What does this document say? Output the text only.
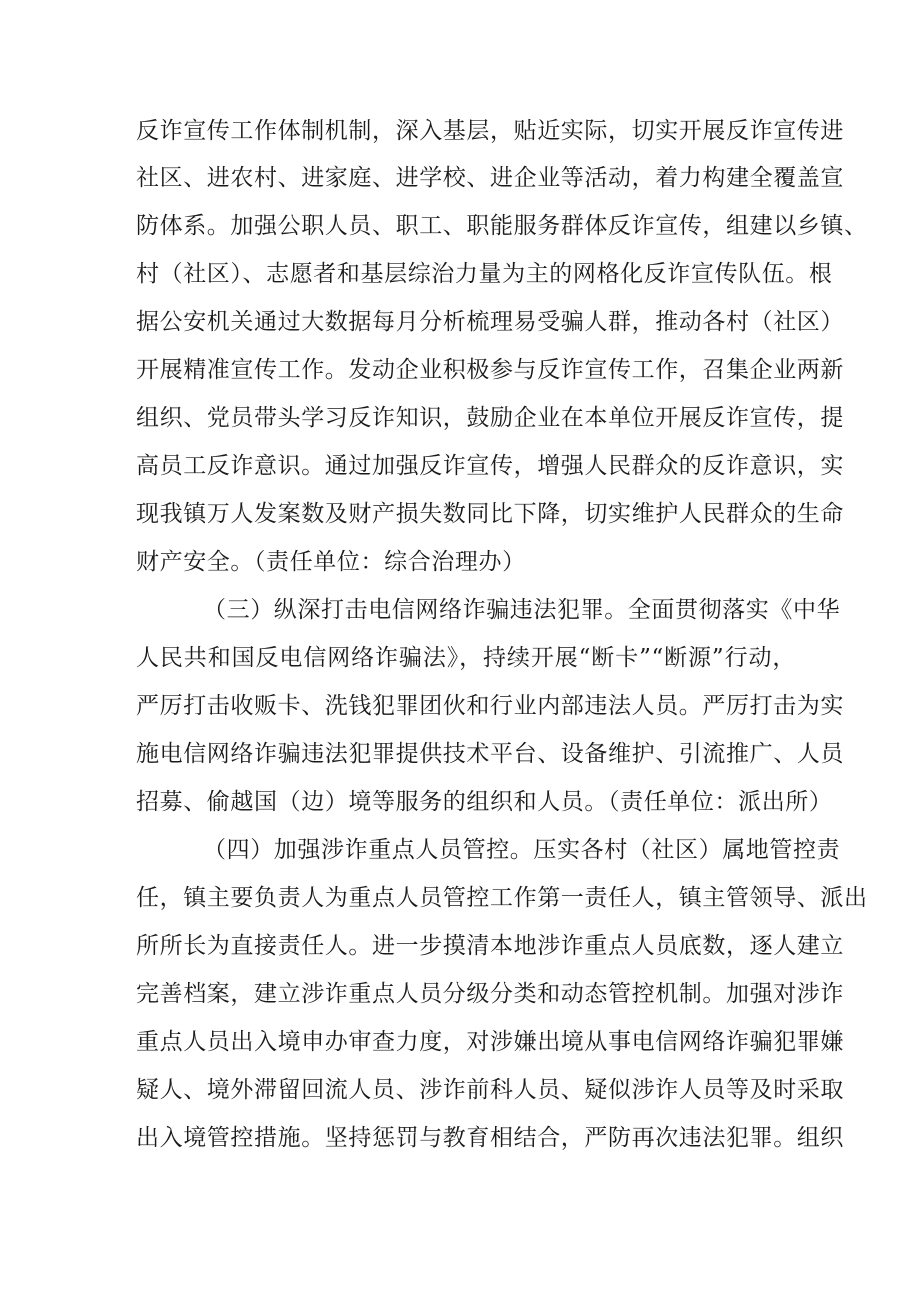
反诈宣传工作体制机制，深入基层，贴近实际，切实开展反诈宣传进
社区、进农村、进家庭、进学校、进企业等活动，着力构建全覆盖宣
防体系。加强公职人员、职工、职能服务群体反诈宣传，组建以乡镇、
村（社区）、志愿者和基层综治力量为主的网格化反诈宣传队伍。根
据公安机关通过大数据每月分析梳理易受骗人群，推动各村（社区）
开展精准宣传工作。发动企业积极参与反诈宣传工作，召集企业两新
组织、党员带头学习反诈知识，鼓励企业在本单位开展反诈宣传，提
高员工反诈意识。通过加强反诈宣传，增强人民群众的反诈意识，实
现我镇万人发案数及财产损失数同比下降，切实维护人民群众的生命
财产安全。（责任单位：综合治理办）
（三）纵深打击电信网络诈骗违法犯罪。全面贯彻落实《中华
人民共和国反电信网络诈骗法》，持续开展“断卡”“断源”行动，
严厉打击收贩卡、洗钱犯罪团伙和行业内部违法人员。严厉打击为实
施电信网络诈骗违法犯罪提供技术平台、设备维护、引流推广、人员
招募、偷越国（边）境等服务的组织和人员。（责任单位：派出所）
（四）加强涉诈重点人员管控。压实各村（社区）属地管控责
任，镇主要负责人为重点人员管控工作第一责任人，镇主管领导、派出
所所长为直接责任人。进一步摸清本地涉诈重点人员底数，逐人建立
完善档案，建立涉诈重点人员分级分类和动态管控机制。加强对涉诈
重点人员出入境申办审查力度，对涉嫌出境从事电信网络诈骗犯罪嫌
疑人、境外滞留回流人员、涉诈前科人员、疑似涉诈人员等及时采取
出入境管控措施。坚持惩罚与教育相结合，严防再次违法犯罪。组织
